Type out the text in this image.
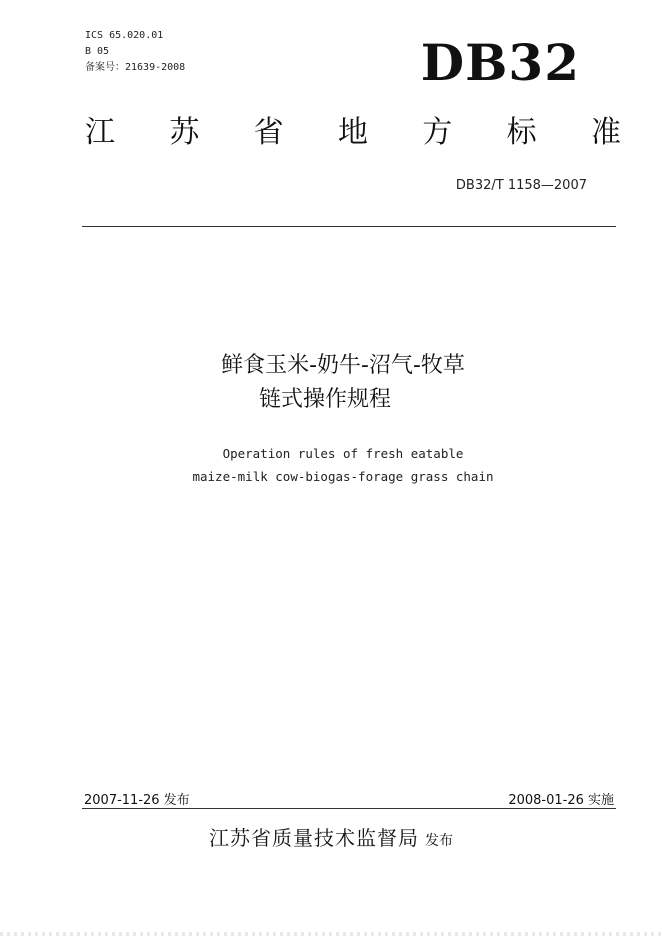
ICS 65.020.01
B 05
备案号：21639-2008	DB32
江 苏 省 地 方 标 准
DB32/T 1158—2007
鲜食玉米-奶牛-沼气-牧草
链式操作规程
Operation rules of fresh eatable
maize-milk cow-biogas-forage grass chain
2007-11-26 发布	2008-01-26 实施
江苏省质量技术监督局 发布
